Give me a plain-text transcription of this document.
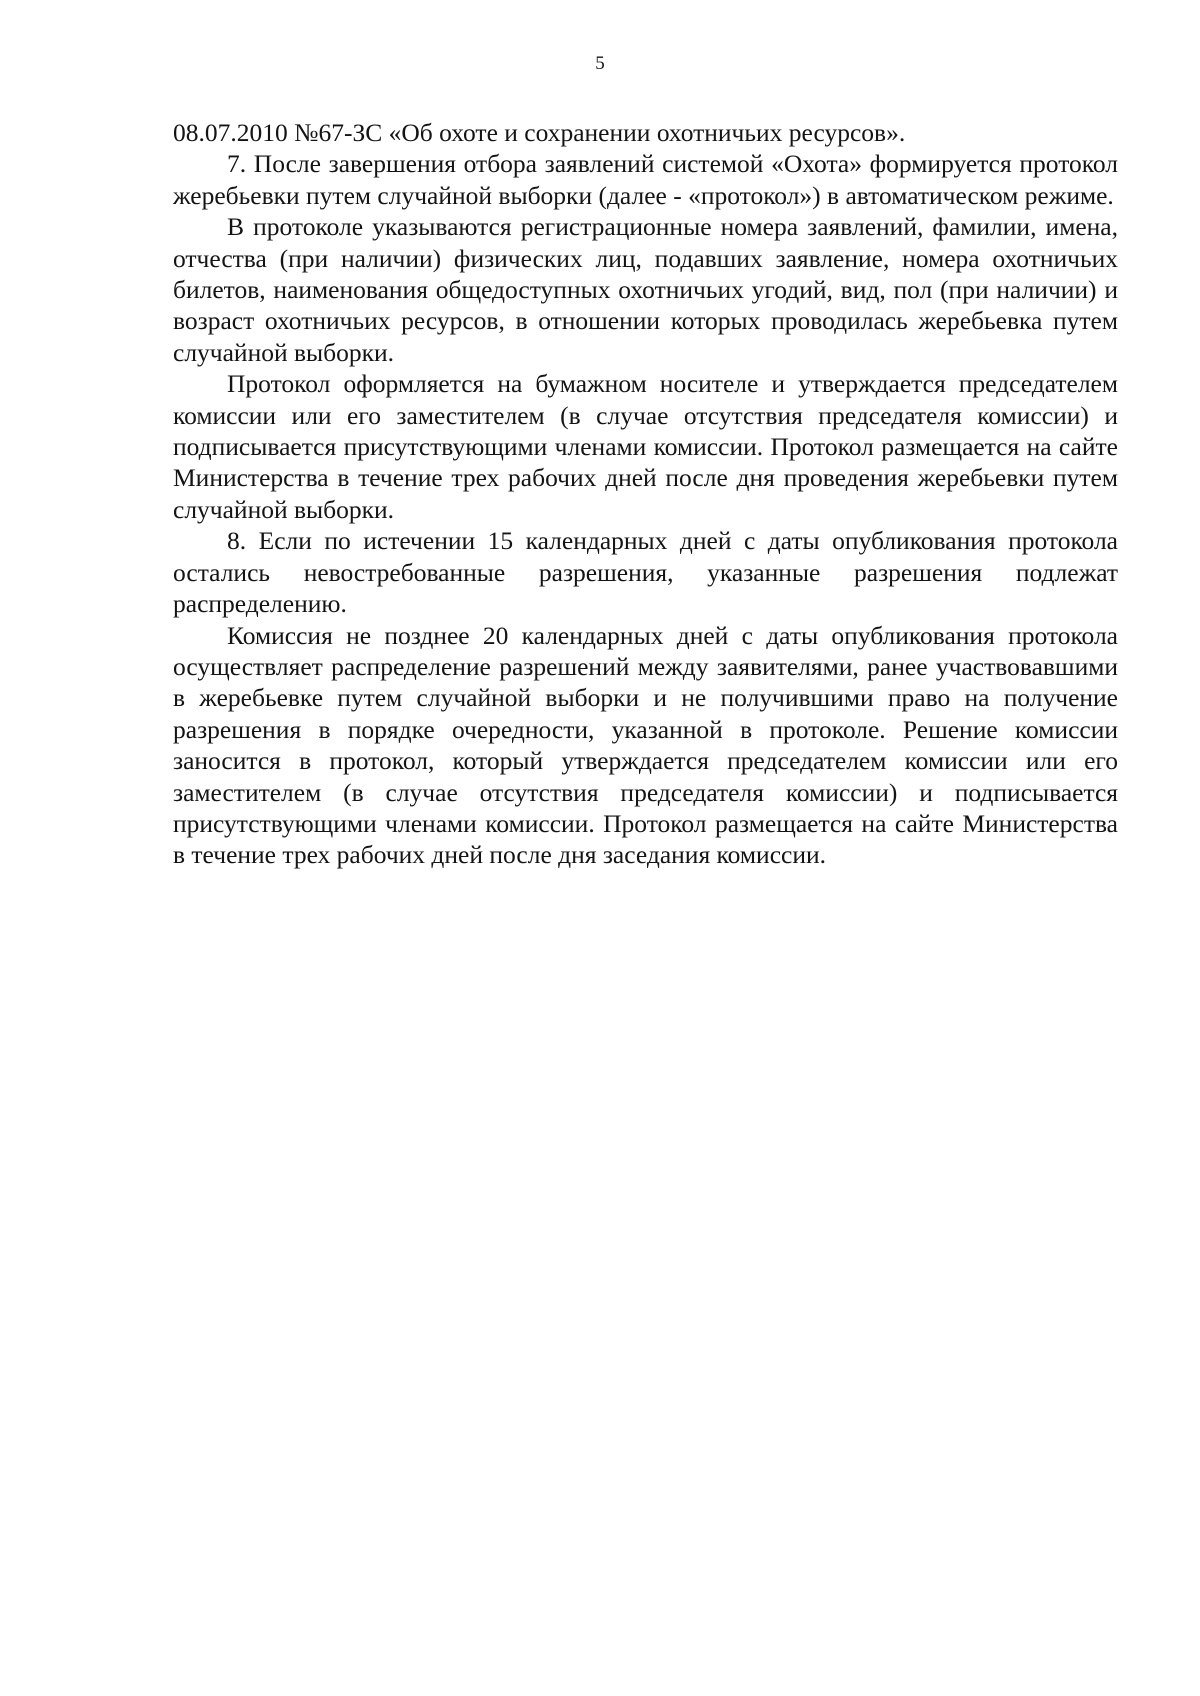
5

08.07.2010 №67-ЗС «Об охоте и сохранении охотничьих ресурсов».

7. После завершения отбора заявлений системой «Охота» формируется протокол жеребьевки путем случайной выборки (далее - «протокол») в автоматическом режиме.

В протоколе указываются регистрационные номера заявлений, фамилии, имена, отчества (при наличии) физических лиц, подавших заявление, номера охотничьих билетов, наименования общедоступных охотничьих угодий, вид, пол (при наличии) и возраст охотничьих ресурсов, в отношении которых проводилась жеребьевка путем случайной выборки.

Протокол оформляется на бумажном носителе и утверждается председателем комиссии или его заместителем (в случае отсутствия председателя комиссии) и подписывается присутствующими членами комиссии. Протокол размещается на сайте Министерства в течение трех рабочих дней после дня проведения жеребьевки путем случайной выборки.

8. Если по истечении 15 календарных дней с даты опубликования протокола остались невостребованные разрешения, указанные разрешения подлежат распределению.

Комиссия не позднее 20 календарных дней с даты опубликования протокола осуществляет распределение разрешений между заявителями, ранее участвовавшими в жеребьевке путем случайной выборки и не получившими право на получение разрешения в порядке очередности, указанной в протоколе. Решение комиссии заносится в протокол, который утверждается председателем комиссии или его заместителем (в случае отсутствия председателя комиссии) и подписывается присутствующими членами комиссии. Протокол размещается на сайте Министерства в течение трех рабочих дней после дня заседания комиссии.
